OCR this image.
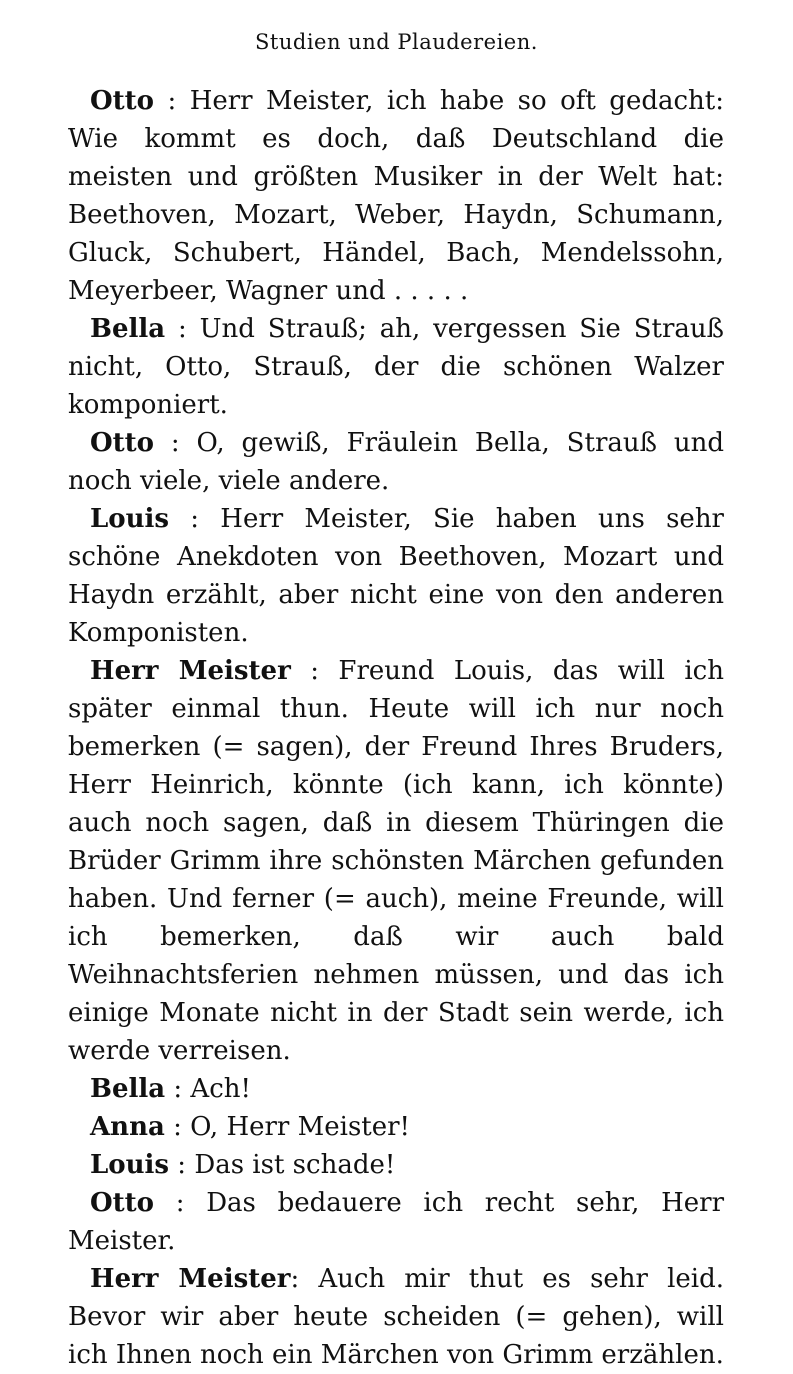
Studien und Plaudereien.

Otto : Herr Meister, ich habe so oft gedacht: Wie kommt es doch, daß Deutschland die meisten und größten Musiker in der Welt hat: Beethoven, Mozart, Weber, Haydn, Schumann, Gluck, Schubert, Händel, Bach, Mendelssohn, Meyerbeer, Wagner und . . . . .

Bella : Und Strauß; ah, vergessen Sie Strauß nicht, Otto, Strauß, der die schönen Walzer komponiert.

Otto : O, gewiß, Fräulein Bella, Strauß und noch viele, viele andere.

Louis : Herr Meister, Sie haben uns sehr schöne Anekdoten von Beethoven, Mozart und Haydn erzählt, aber nicht eine von den anderen Komponisten.

Herr Meister : Freund Louis, das will ich später einmal thun. Heute will ich nur noch bemerken (= sagen), der Freund Ihres Bruders, Herr Heinrich, könnte (ich kann, ich könnte) auch noch sagen, daß in diesem Thüringen die Brüder Grimm ihre schönsten Märchen gefunden haben. Und ferner (= auch), meine Freunde, will ich bemerken, daß wir auch bald Weihnachtsferien nehmen müssen, und das ich einige Monate nicht in der Stadt sein werde, ich werde verreisen.

Bella : Ach!

Anna : O, Herr Meister!

Louis : Das ist schade!

Otto : Das bedauere ich recht sehr, Herr Meister.

Herr Meister: Auch mir thut es sehr leid. Bevor wir aber heute scheiden (= gehen), will ich Ihnen noch ein Märchen von Grimm erzählen.
